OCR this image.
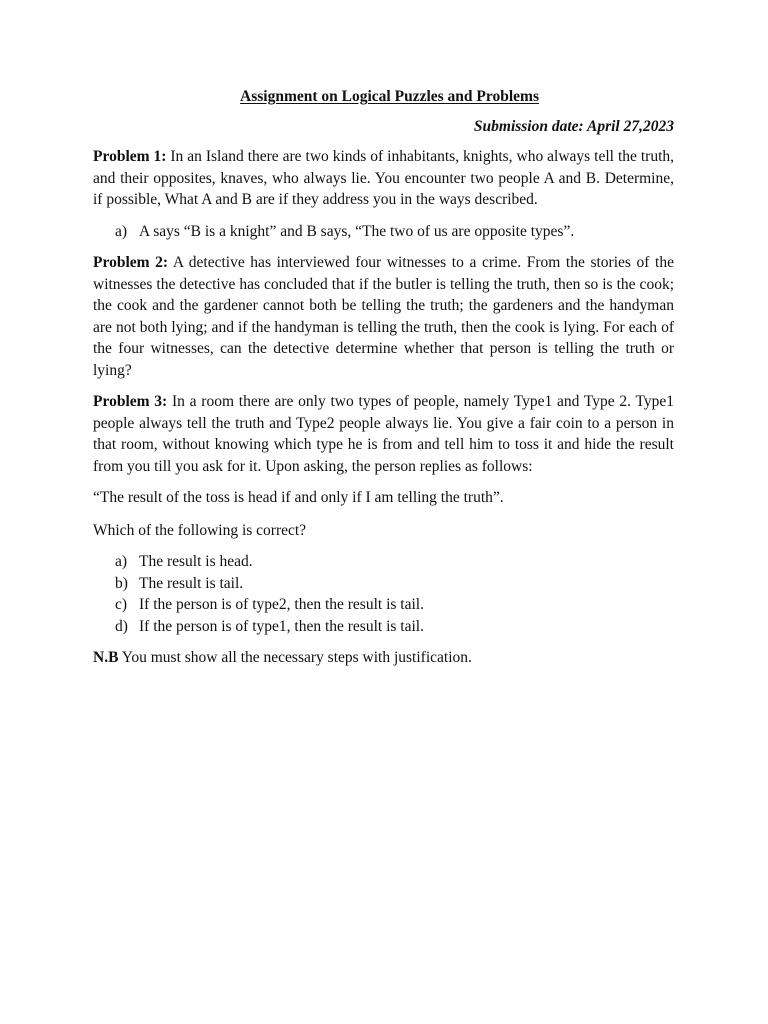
Assignment on Logical Puzzles and Problems
Submission date: April 27,2023

Problem 1: In an Island there are two kinds of inhabitants, knights, who always tell the truth, and their opposites, knaves, who always lie. You encounter two people A and B. Determine, if possible, What A and B are if they address you in the ways described.

a) A says “B is a knight” and B says, “The two of us are opposite types”.

Problem 2: A detective has interviewed four witnesses to a crime. From the stories of the witnesses the detective has concluded that if the butler is telling the truth, then so is the cook; the cook and the gardener cannot both be telling the truth; the gardeners and the handyman are not both lying; and if the handyman is telling the truth, then the cook is lying. For each of the four witnesses, can the detective determine whether that person is telling the truth or lying?

Problem 3: In a room there are only two types of people, namely Type1 and Type 2. Type1 people always tell the truth and Type2 people always lie. You give a fair coin to a person in that room, without knowing which type he is from and tell him to toss it and hide the result from you till you ask for it. Upon asking, the person replies as follows:

“The result of the toss is head if and only if I am telling the truth”.

Which of the following is correct?

a) The result is head.
b) The result is tail.
c) If the person is of type2, then the result is tail.
d) If the person is of type1, then the result is tail.

N.B You must show all the necessary steps with justification.
